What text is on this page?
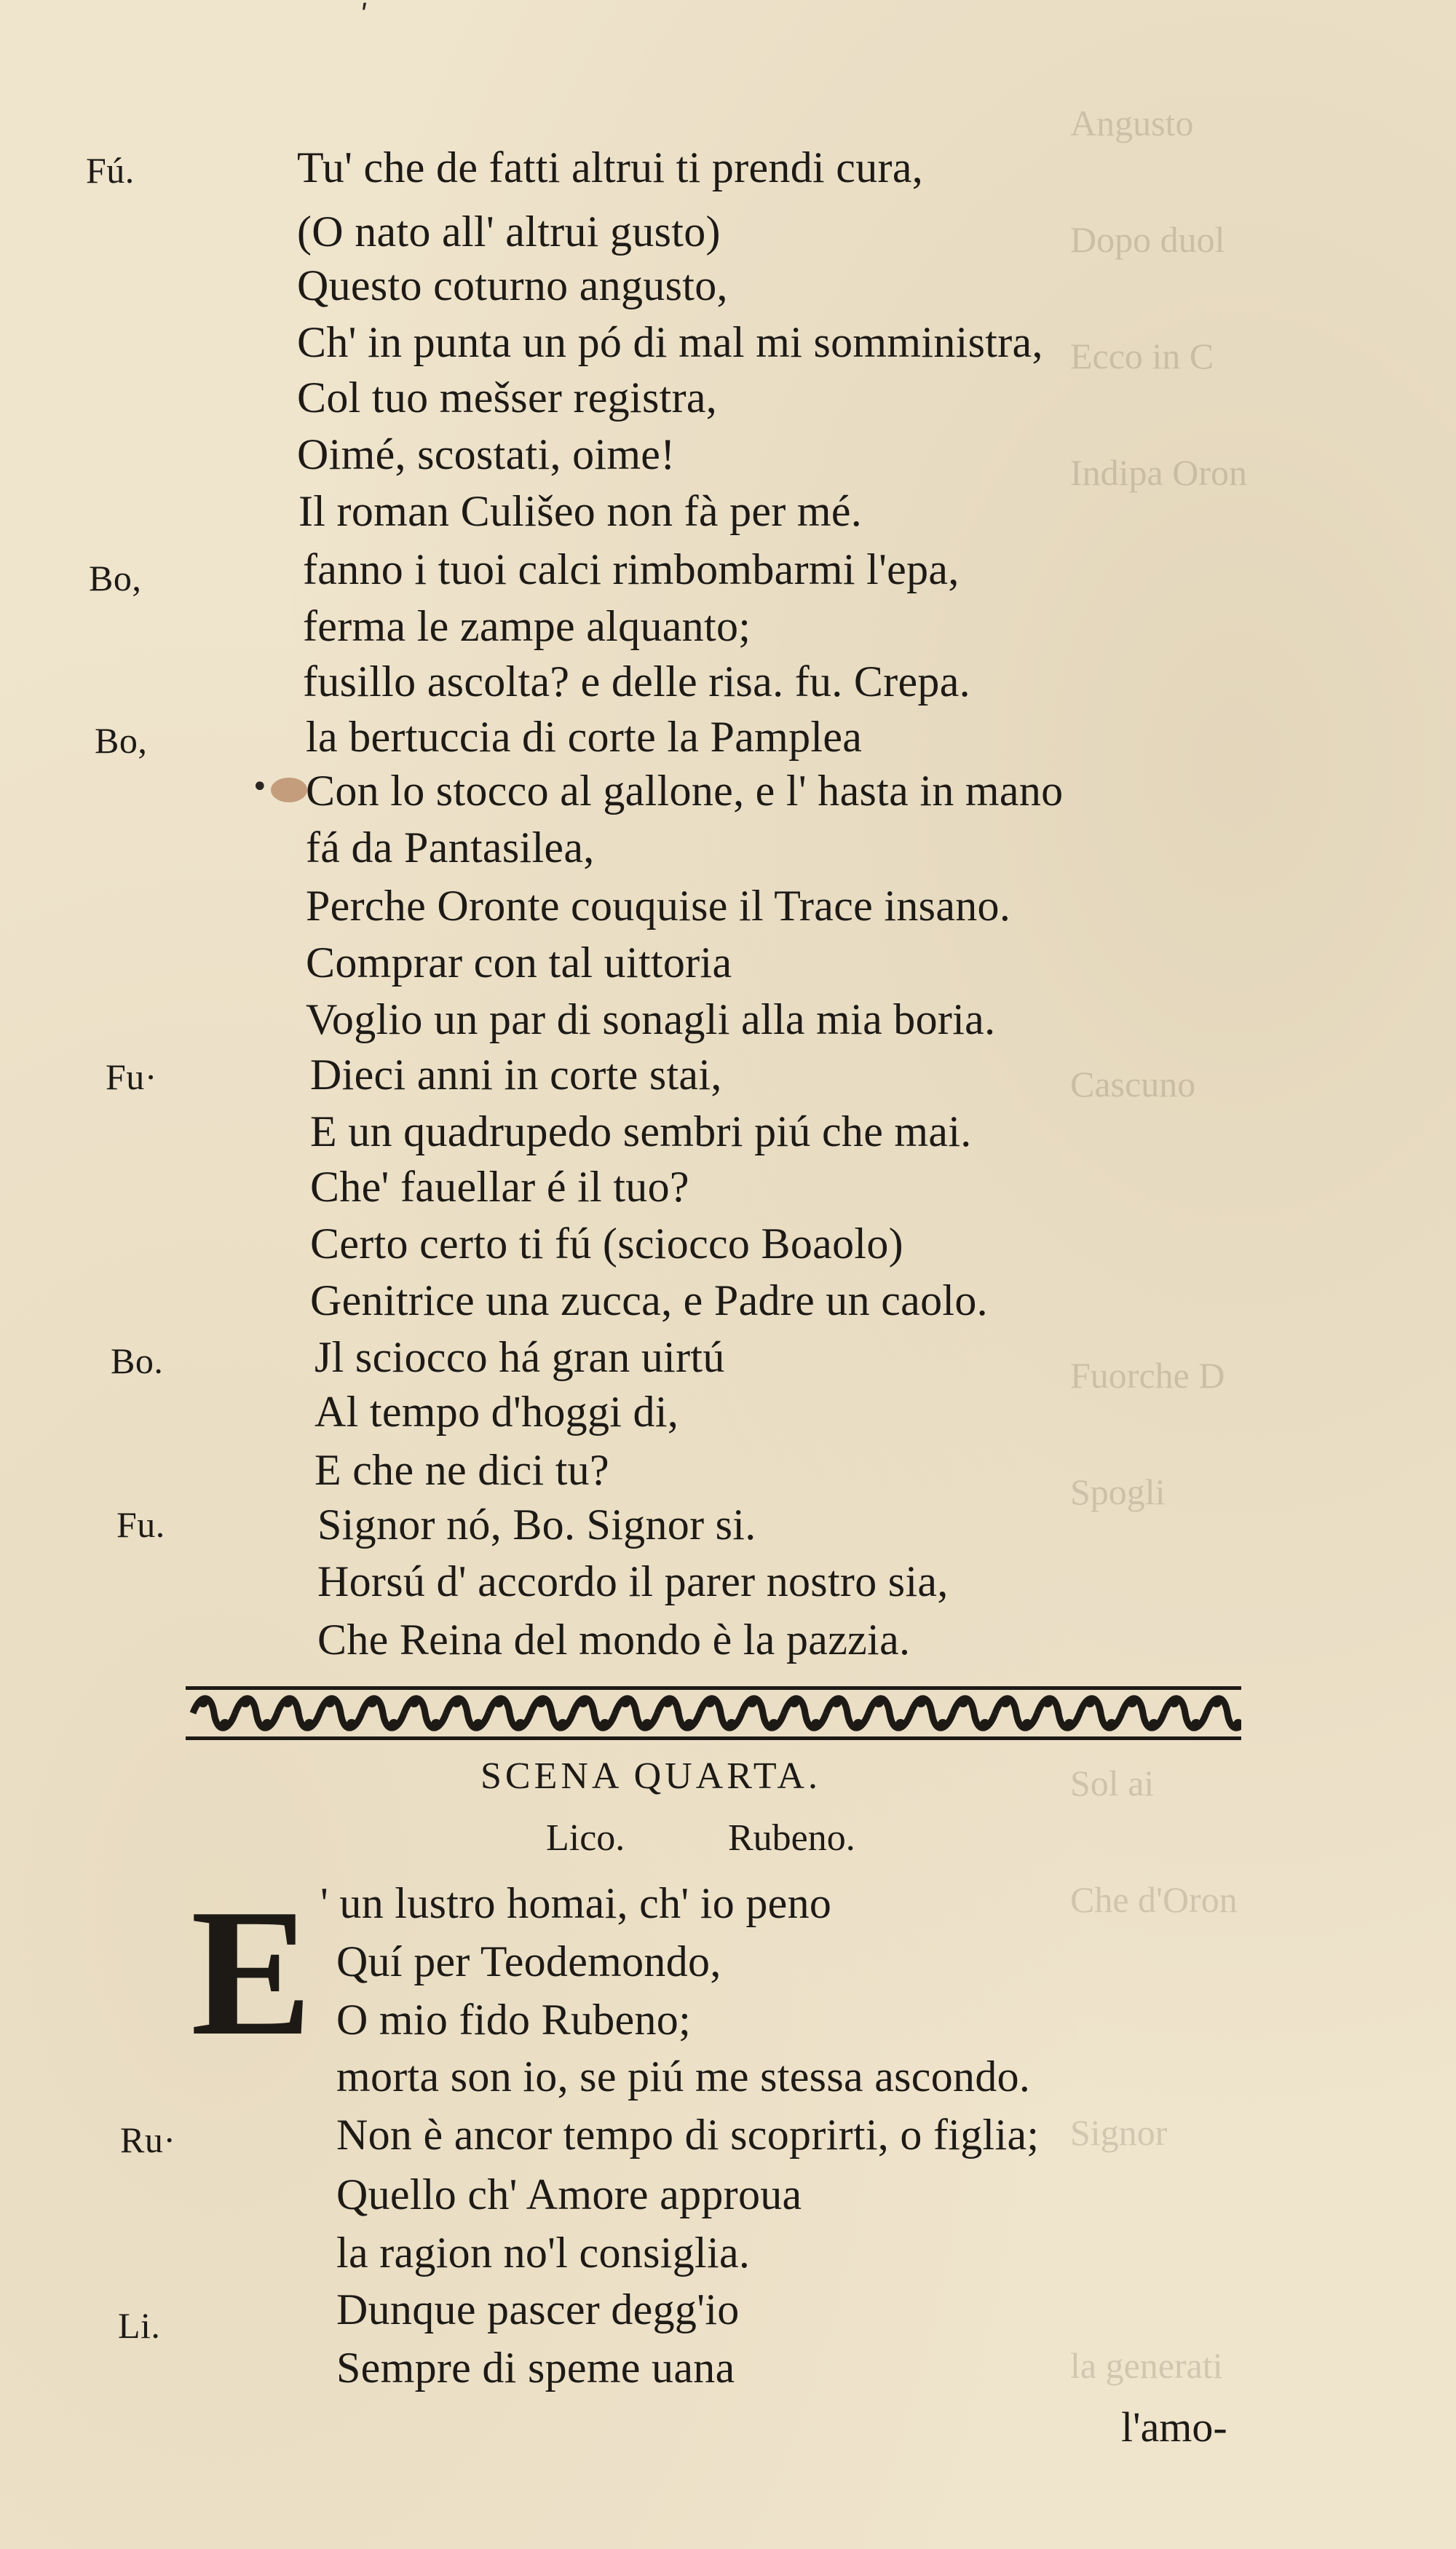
Angusto
Dopo duol
Ecco in C
Indipa Oron
Cascuno
Fuorche D
Spogli
Sol ai
Che d'Oron
Signor
la generati
Fú.
Bo,
Bo,
Fu·
Bo.
Fu.
Tu' che de fatti altrui ti prendi cura,
(O nato all' altrui gusto)
Questo coturno angusto,
Ch' in punta un pó di mal mi somministra,
Col tuo mešser registra,
Oimé, scostati, oime!
Il roman Culišeo non fà per mé.
fanno i tuoi calci rimbombarmi l'epa,
ferma le zampe alquanto;
fusillo ascolta? e delle risa. fu. Crepa.
la bertuccia di corte la Pamplea
Con lo stocco al gallone, e l' hasta in mano
fá da Pantasilea,
Perche Oronte couquise il Trace insano.
Comprar con tal uittoria
Voglio un par di sonagli alla mia boria.
Dieci anni in corte stai,
E un quadrupedo sembri piú che mai.
Che' fauellar é il tuo?
Certo certo ti fú (sciocco Boaolo)
Genitrice una zucca, e Padre un caolo.
Jl sciocco há gran uirtú
Al tempo d'hoggi di,
E che ne dici tu?
Signor nó, Bo. Signor si.
Horsú d' accordo il parer nostro sia,
Che Reina del mondo è la pazzia.
SCENA QUARTA.
Lico.	Rubeno.
E
Ru·
Li.
' un lustro homai, ch' io peno
Quí per Teodemondo,
O mio fido Rubeno;
morta son io, se piú me stessa ascondo.
Non è ancor tempo di scoprirti, o figlia;
Quello ch' Amore approua
la ragion no'l consiglia.
Dunque pascer degg'io
Sempre di speme uana
ʹ
•
l'amo-
